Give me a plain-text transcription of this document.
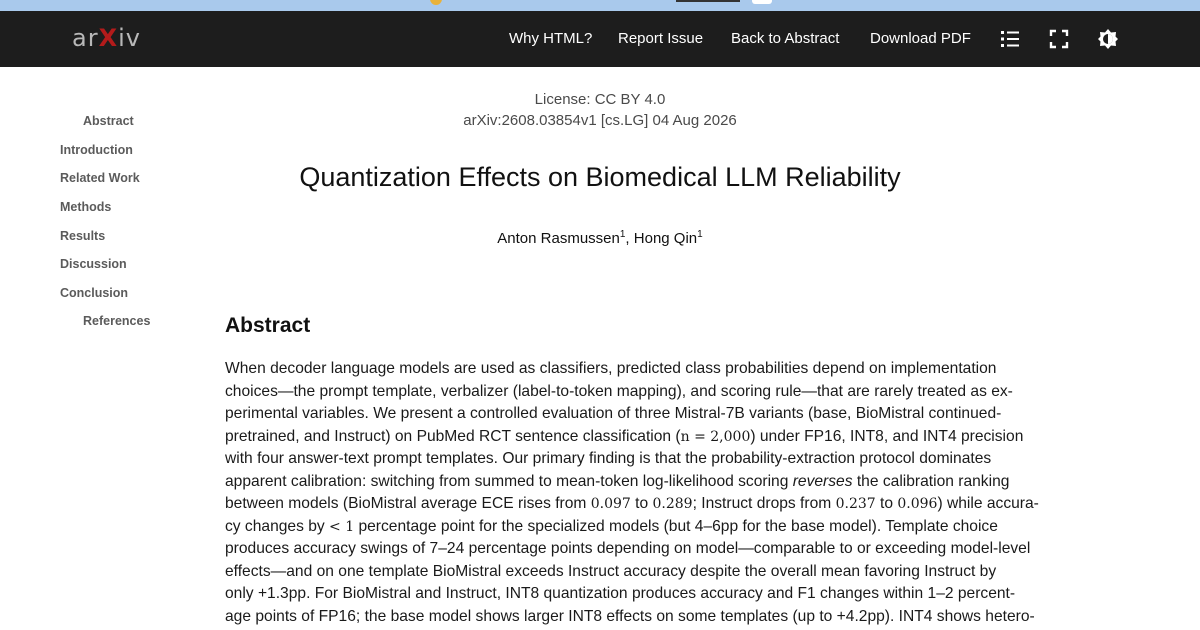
arXiv	Why HTML? Report Issue Back to Abstract Download PDF
Abstract
Introduction
Related Work
Methods
Results
Discussion
Conclusion
References
License: CC BY 4.0
arXiv:2608.03854v1 [cs.LG] 04 Aug 2026
Quantization Effects on Biomedical LLM Reliability
Anton Rasmussen$^1$, Hong Qin$^1$
Abstract
When decoder language models are used as classifiers, predicted class probabilities depend on implementation
choices—the prompt template, verbalizer (label-to-token mapping), and scoring rule—that are rarely treated as ex-
perimental variables. We present a controlled evaluation of three Mistral-7B variants (base, BioMistral continued-
pretrained, and Instruct) on PubMed RCT sentence classification (n = 2,000) under FP16, INT8, and INT4 precision
with four answer-text prompt templates. Our primary finding is that the probability-extraction protocol dominates
apparent calibration: switching from summed to mean-token log-likelihood scoring reverses the calibration ranking
between models (BioMistral average ECE rises from 0.097 to 0.289; Instruct drops from 0.237 to 0.096) while accura-
cy changes by < 1 percentage point for the specialized models (but 4–6pp for the base model). Template choice
produces accuracy swings of 7–24 percentage points depending on model—comparable to or exceeding model-level
effects—and on one template BioMistral exceeds Instruct accuracy despite the overall mean favoring Instruct by
only +1.3pp. For BioMistral and Instruct, INT8 quantization produces accuracy and F1 changes within 1–2 percent-
age points of FP16; the base model shows larger INT8 effects on some templates (up to +4.2pp). INT4 shows hetero-
